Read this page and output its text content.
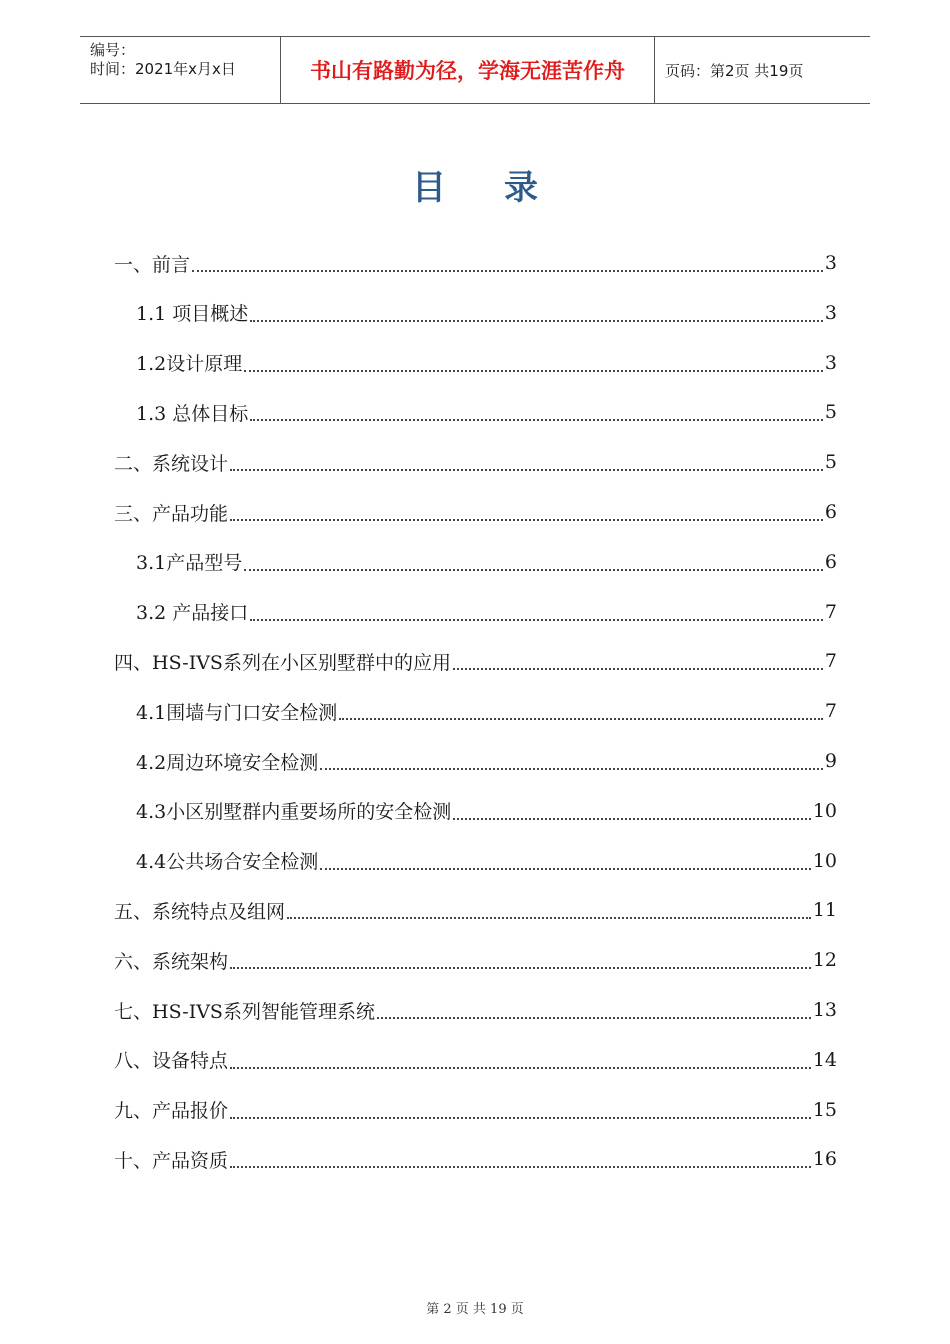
编号：
时间：2021年x月x日	书山有路勤为径，学海无涯苦作舟	页码：第2页 共19页
目录
一、前言	3
1.1 项目概述	3
1.2设计原理	3
1.3 总体目标	5
二、系统设计	5
三、产品功能	6
3.1产品型号	6
3.2 产品接口	7
四、HS-IVS系列在小区别墅群中的应用	7
4.1围墙与门口安全检测	7
4.2周边环境安全检测	9
4.3小区别墅群内重要场所的安全检测	10
4.4公共场合安全检测	10
五、系统特点及组网	11
六、系统架构	12
七、HS-IVS系列智能管理系统	13
八、设备特点	14
九、产品报价	15
十、产品资质	16
第 2 页 共 19 页
